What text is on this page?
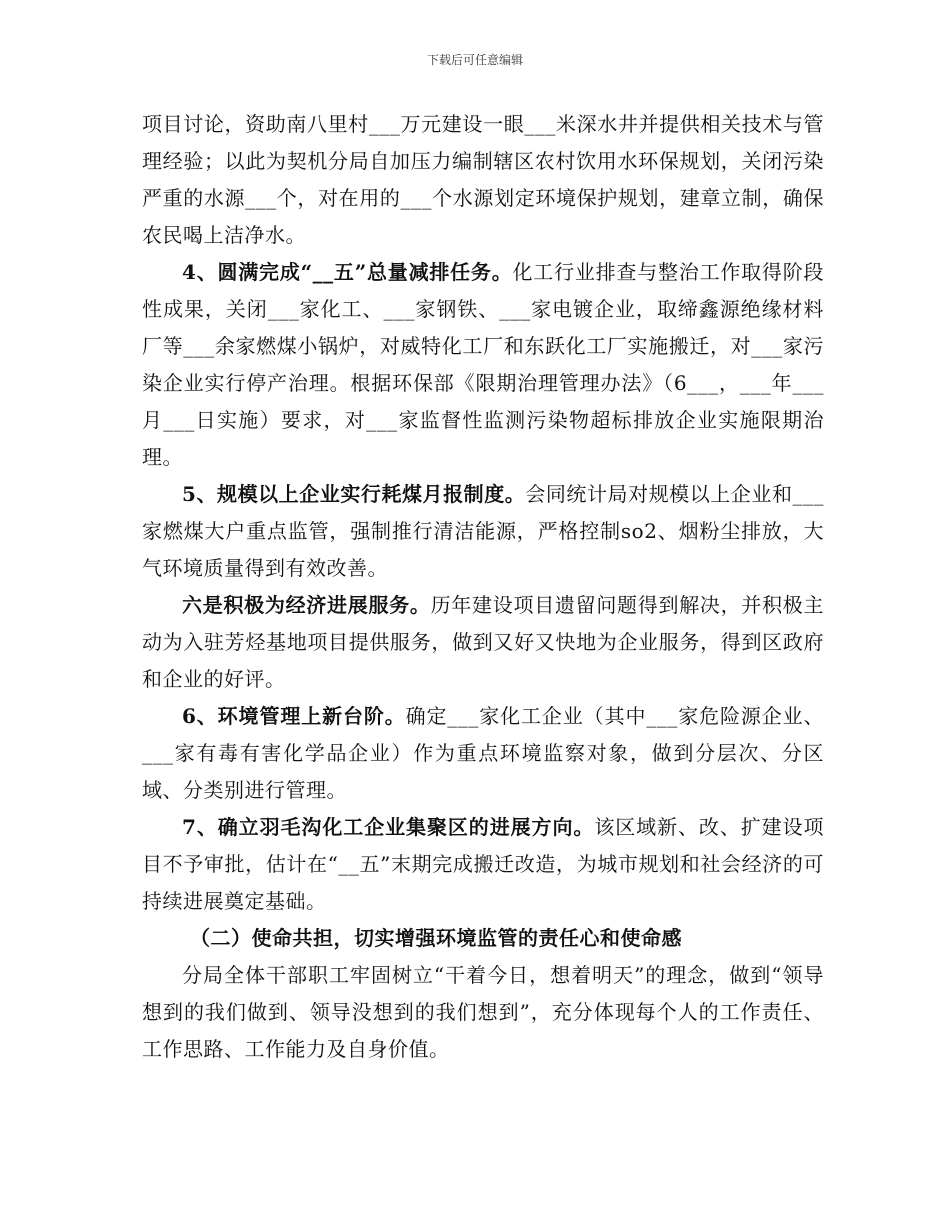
下载后可任意编辑

项目讨论，资助南八里村___万元建设一眼___米深水井并提供相关技术与管理经验；以此为契机分局自加压力编制辖区农村饮用水环保规划，关闭污染严重的水源___个，对在用的___个水源划定环境保护规划，建章立制，确保农民喝上洁净水。

4、圆满完成“__五”总量减排任务。化工行业排查与整治工作取得阶段性成果，关闭___家化工、___家钢铁、___家电镀企业，取缔鑫源绝缘材料厂等___余家燃煤小锅炉，对威特化工厂和东跃化工厂实施搬迁，对___家污染企业实行停产治理。根据环保部《限期治理管理办法》（6___，___年___月___日实施）要求，对___家监督性监测污染物超标排放企业实施限期治理。

5、规模以上企业实行耗煤月报制度。会同统计局对规模以上企业和___家燃煤大户重点监管，强制推行清洁能源，严格控制so2、烟粉尘排放，大气环境质量得到有效改善。

六是积极为经济进展服务。历年建设项目遗留问题得到解决，并积极主动为入驻芳烃基地项目提供服务，做到又好又快地为企业服务，得到区政府和企业的好评。

6、环境管理上新台阶。确定___家化工企业（其中___家危险源企业、___家有毒有害化学品企业）作为重点环境监察对象，做到分层次、分区域、分类别进行管理。

7、确立羽毛沟化工企业集聚区的进展方向。该区域新、改、扩建设项目不予审批，估计在“__五”末期完成搬迁改造，为城市规划和社会经济的可持续进展奠定基础。

（二）使命共担，切实增强环境监管的责任心和使命感

分局全体干部职工牢固树立“干着今日，想着明天”的理念，做到“领导想到的我们做到、领导没想到的我们想到”，充分体现每个人的工作责任、工作思路、工作能力及自身价值。
